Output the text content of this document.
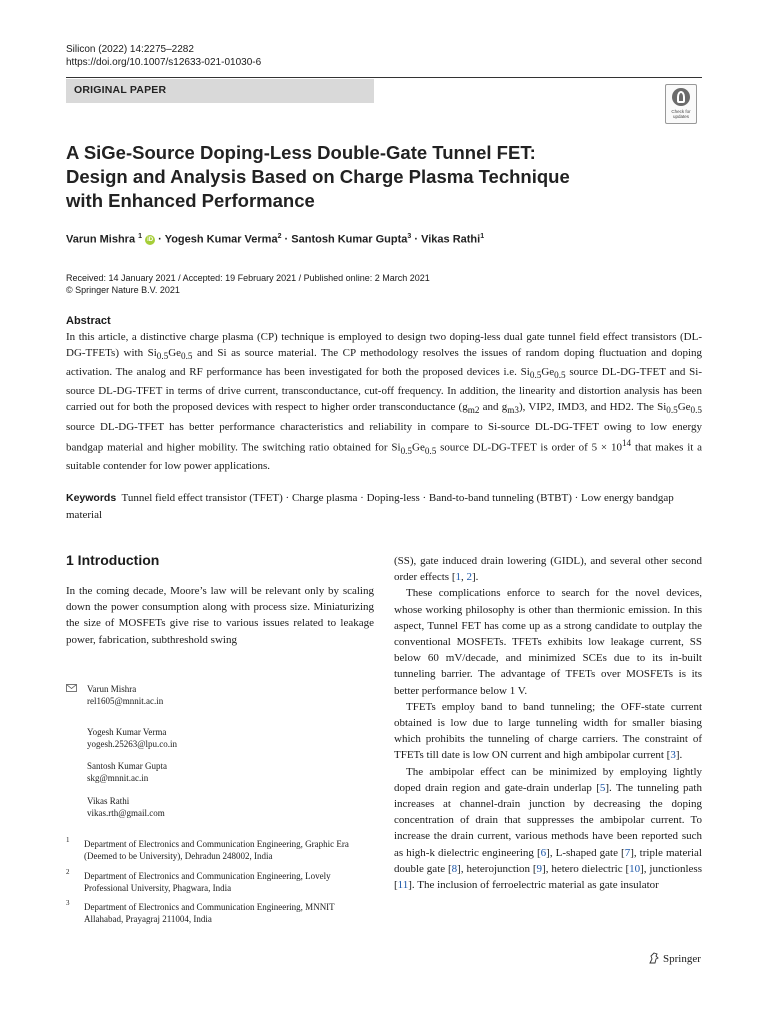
Silicon (2022) 14:2275–2282
https://doi.org/10.1007/s12633-021-01030-6
ORIGINAL PAPER
Check for
updates
A SiGe-Source Doping-Less Double-Gate Tunnel FET:
Design and Analysis Based on Charge Plasma Technique
with Enhanced Performance
Varun Mishra $^1$ iD · Yogesh Kumar Verma$^2$ · Santosh Kumar Gupta$^3$ · Vikas Rathi$^1$
Received: 14 January 2021 / Accepted: 19 February 2021 / Published online: 2 March 2021
© Springer Nature B.V. 2021
Abstract

In this article, a distinctive charge plasma (CP) technique is employed to design two doping-less dual gate tunnel field effect transistors (DL-DG-TFETs) with $Si_{0.5}Ge_{0.5}$ and Si as source material. The CP methodology resolves the issues of random doping fluctuation and doping activation. The analog and RF performance has been investigated for both the proposed devices i.e. $Si_{0.5}Ge_{0.5}$ source DL-DG-TFET and Si-source DL-DG-TFET in terms of drive current, transconductance, cut-off frequency. In addition, the linearity and distortion analysis has been carried out for both the proposed devices with respect to higher order transconductance ($g_{m2}$ and $g_{m3}$), VIP2, IMD3, and HD2. The $Si_{0.5}Ge_{0.5}$ source DL-DG-TFET has better performance characteristics and reliability in compare to Si-source DL-DG-TFET owing to low energy bandgap material and higher mobility. The switching ratio obtained for $Si_{0.5}Ge_{0.5}$ source DL-DG-TFET is order of $5 \times 10^{14}$ that makes it a suitable contender for low power applications.

Keywords Tunnel field effect transistor (TFET) · Charge plasma · Doping-less · Band-to-band tunneling (BTBT) · Low energy bandgap material
1 Introduction

In the coming decade, Moore’s law will be relevant only by scaling down the power consumption along with process size. Miniaturizing the size of MOSFETs give rise to various issues related to leakage power, fabrication, subthreshold swing

(SS), gate induced drain lowering (GIDL), and several other second order effects [1, 2].

These complications enforce to search for the novel devices, whose working philosophy is other than thermionic emission. In this aspect, Tunnel FET has come up as a strong candidate to outplay the conventional MOSFETs. TFETs exhibits low leakage current, SS below 60 mV/decade, and minimized SCEs due to its in-built tunneling barrier. The advantage of TFETs over MOSFETs is its better performance below 1 V.

TFETs employ band to band tunneling; the OFF-state current obtained is low due to large tunneling width for smaller biasing which prohibits the tunneling of charge carriers. The constraint of TFETs till date is low ON current and high ambipolar current [3].

The ambipolar effect can be minimized by employing lightly doped drain region and gate-drain underlap [5]. The tunneling path increases at channel-drain junction by decreasing the doping concentration of drain that suppresses the ambipolar current. To increase the drain current, various methods have been reported such as high-k dielectric engineering [6], L-shaped gate [7], triple material double gate [8], heterojunction [9], hetero dielectric [10], junctionless [11]. The inclusion of ferroelectric material as gate insulator

Varun Mishra
rel1605@mnnit.ac.in
Yogesh Kumar Verma
yogesh.25263@lpu.co.in
Santosh Kumar Gupta
skg@mnnit.ac.in
Vikas Rathi
vikas.rth@gmail.com
1 Department of Electronics and Communication Engineering, Graphic Era (Deemed to be University), Dehradun 248002, India
2 Department of Electronics and Communication Engineering, Lovely Professional University, Phagwara, India
3 Department of Electronics and Communication Engineering, MNNIT Allahabad, Prayagraj 211004, India
Springer
